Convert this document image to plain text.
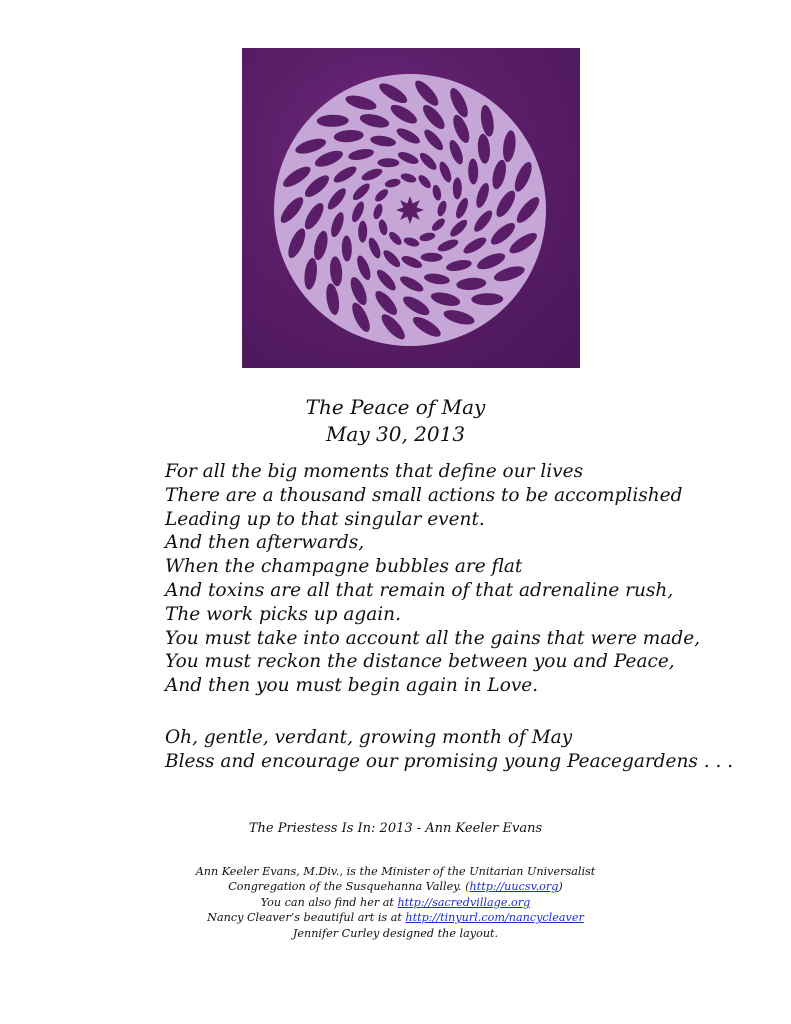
The Peace of May
May 30, 2013
For all the big moments that define our lives
There are a thousand small actions to be accomplished
Leading up to that singular event.
And then afterwards,
When the champagne bubbles are flat
And toxins are all that remain of that adrenaline rush,
The work picks up again.
You must take into account all the gains that were made,
You must reckon the distance between you and Peace,
And then you must begin again in Love.
Oh, gentle, verdant, growing month of May
Bless and encourage our promising young Peacegardens . . .
The Priestess Is In: 2013 - Ann Keeler Evans
Ann Keeler Evans, M.Div., is the Minister of the Unitarian Universalist
Congregation of the Susquehanna Valley. (http://uucsv.org)
You can also find her at http://sacredvillage.org
Nancy Cleaver’s beautiful art is at http://tinyurl.com/nancycleaver
Jennifer Curley designed the layout.
